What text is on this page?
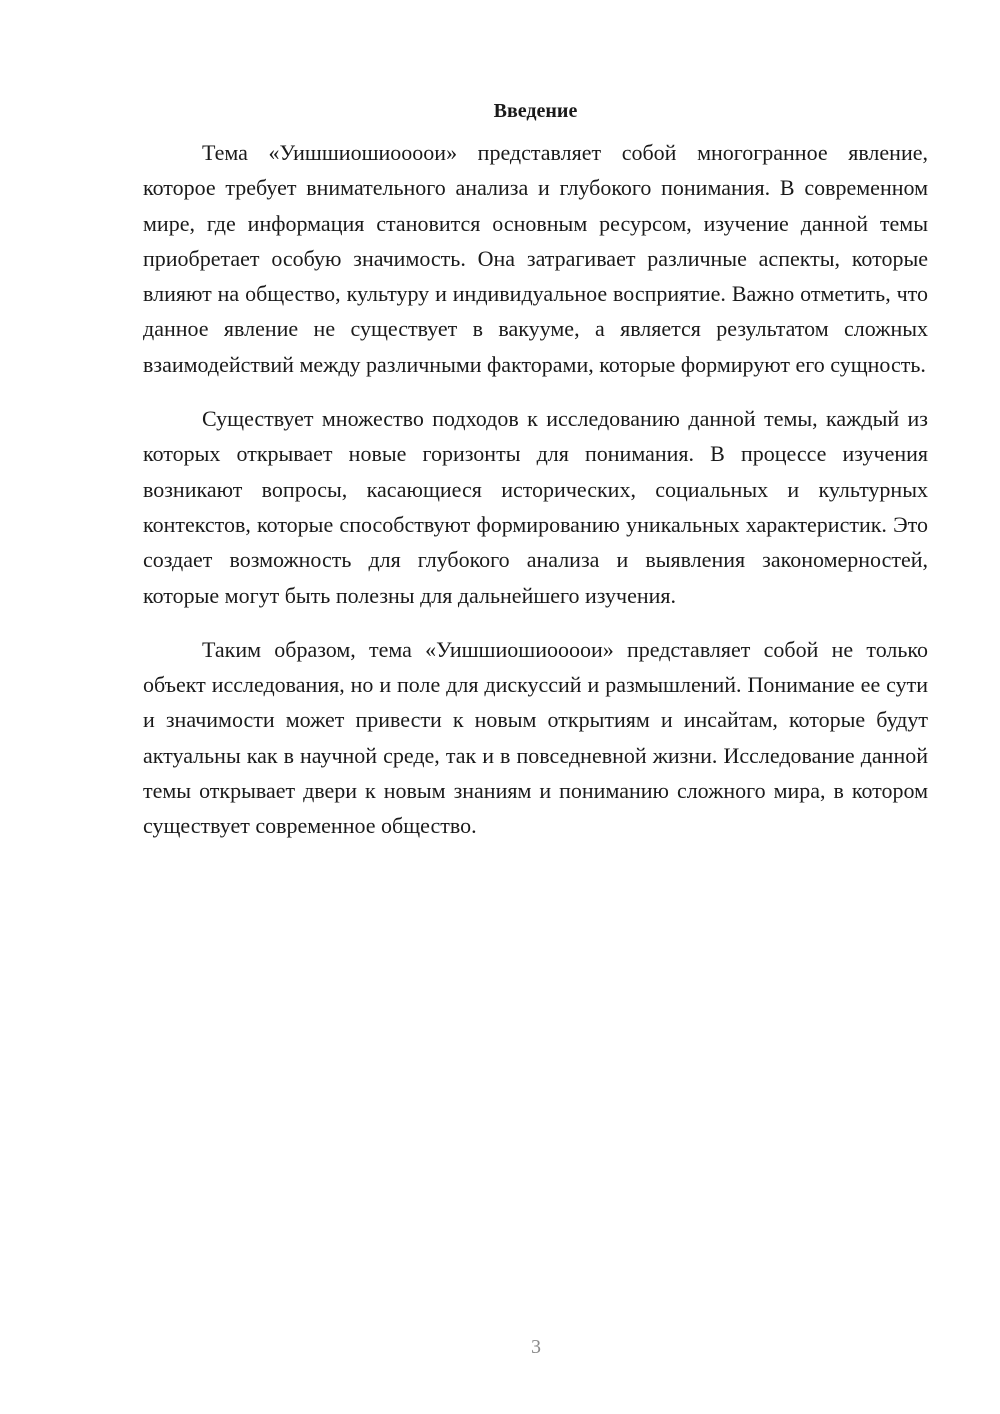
Введение

Тема «Уишшиошиоооои» представляет собой многогранное явление, которое требует внимательного анализа и глубокого понимания. В современном мире, где информация становится основным ресурсом, изучение данной темы приобретает особую значимость. Она затрагивает различные аспекты, которые влияют на общество, культуру и индивидуальное восприятие. Важно отметить, что данное явление не существует в вакууме, а является результатом сложных взаимодействий между различными факторами, которые формируют его сущность.

Существует множество подходов к исследованию данной темы, каждый из которых открывает новые горизонты для понимания. В процессе изучения возникают вопросы, касающиеся исторических, социальных и культурных контекстов, которые способствуют формированию уникальных характеристик. Это создает возможность для глубокого анализа и выявления закономерностей, которые могут быть полезны для дальнейшего изучения.

Таким образом, тема «Уишшиошиоооои» представляет собой не только объект исследования, но и поле для дискуссий и размышлений. Понимание ее сути и значимости может привести к новым открытиям и инсайтам, которые будут актуальны как в научной среде, так и в повседневной жизни. Исследование данной темы открывает двери к новым знаниям и пониманию сложного мира, в котором существует современное общество.

3
